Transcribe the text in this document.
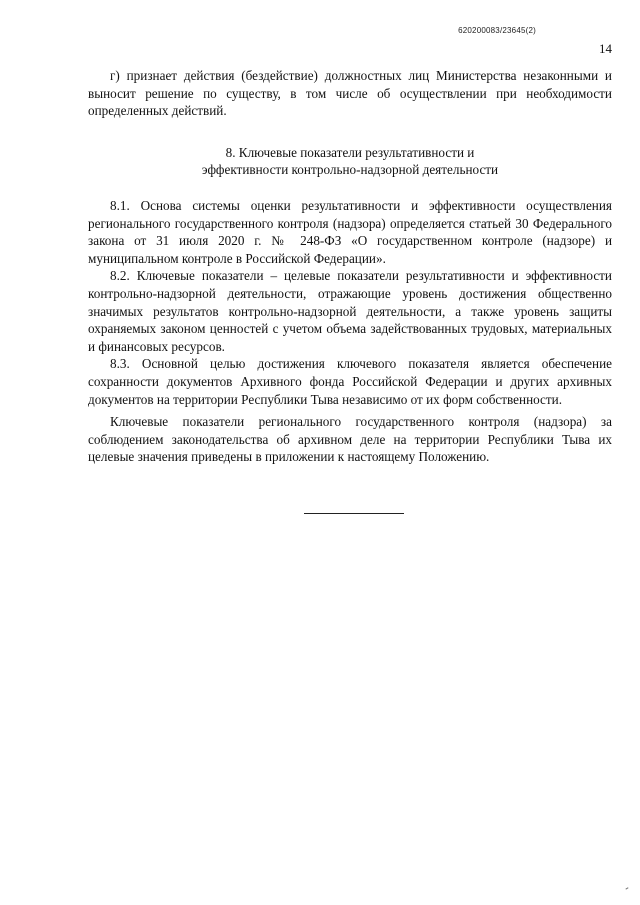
620200083/23645(2)
14

г) признает действия (бездействие) должностных лиц Министерства незаконными и выносит решение по существу, в том числе об осуществлении при необходимости определенных действий.

8. Ключевые показатели результативности и
эффективности контрольно-надзорной деятельности

8.1. Основа системы оценки результативности и эффективности осуществления регионального государственного контроля (надзора) определяется статьей 30 Федерального закона от 31 июля 2020 г. № 248-ФЗ «О государственном контроле (надзоре) и муниципальном контроле в Российской Федерации».

8.2. Ключевые показатели – целевые показатели результативности и эффективности контрольно-надзорной деятельности, отражающие уровень достижения общественно значимых результатов контрольно-надзорной деятельности, а также уровень защиты охраняемых законом ценностей с учетом объема задействованных трудовых, материальных и финансовых ресурсов.

8.3. Основной целью достижения ключевого показателя является обеспечение сохранности документов Архивного фонда Российской Федерации и других архивных документов на территории Республики Тыва независимо от их форм собственности.

Ключевые показатели регионального государственного контроля (надзора) за соблюдением законодательства об архивном деле на территории Республики Тыва их целевые значения приведены в приложении к настоящему Положению.

⁃
